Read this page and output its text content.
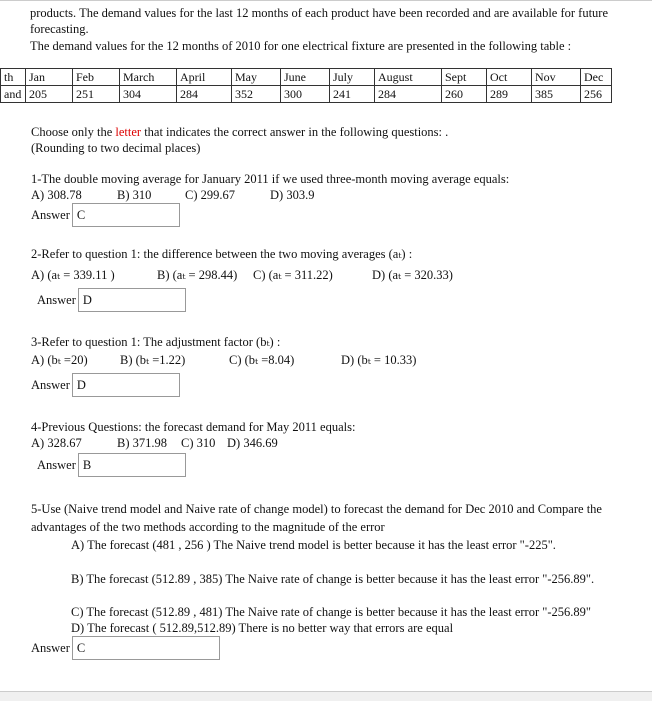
products. The demand values for the last 12 months of each product have been recorded and are available for future
forecasting.
The demand values for the 12 months of 2010 for one electrical fixture are presented in the following table :
th	Jan	Feb	March	April	May	June	July	August	Sept	Oct	Nov	Dec
and	205	251	304	284	352	300	241	284	260	289	385	256
Choose only the letter that indicates the correct answer in the following questions: .
(Rounding to two decimal places)
1-The double moving average for January 2011 if we used three-month moving average equals:
A) 308.78	B) 310	C) 299.67	D) 303.9
Answer C
2-Refer to question 1: the difference between the two moving averages (aₜ) :
A) (aₜ = 339.11 )	B) (aₜ = 298.44) C) (aₜ = 311.22)	D) (aₜ = 320.33)
Answer D
3-Refer to question 1: The adjustment factor (bₜ) :
A) (bₜ =20)	B) (bₜ =1.22)	C) (bₜ =8.04)	D) (bₜ = 10.33)
Answer D
4-Previous Questions: the forecast demand for May 2011 equals:
A) 328.67	B) 371.98 C) 310 D) 346.69
Answer B
5-Use (Naive trend model and Naive rate of change model) to forecast the demand for Dec 2010 and Compare the
advantages of the two methods according to the magnitude of the error
A) The forecast (481 , 256 ) The Naive trend model is better because it has the least error "-225".
B) The forecast (512.89 , 385) The Naive rate of change is better because it has the least error "-256.89".
C) The forecast (512.89 , 481) The Naive rate of change is better because it has the least error "-256.89"
D) The forecast ( 512.89,512.89) There is no better way that errors are equal
Answer C
